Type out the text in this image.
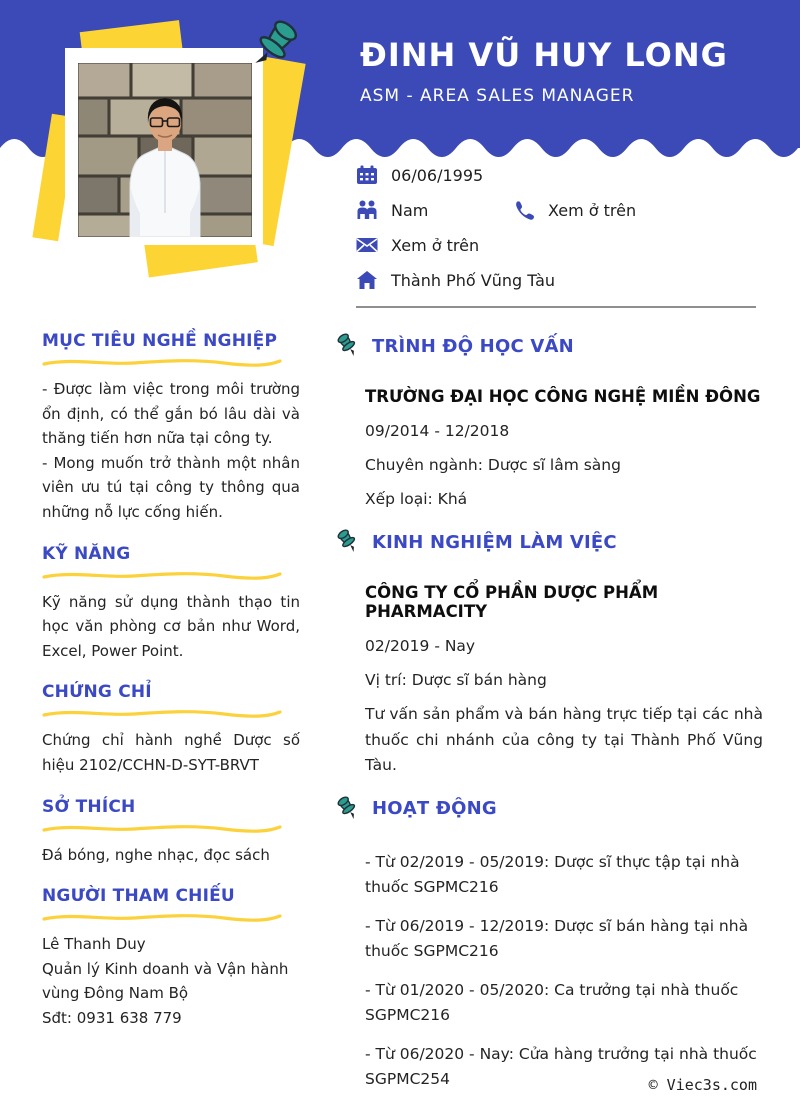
ĐINH VŨ HUY LONG
ASM - AREA SALES MANAGER
06/06/1995
Nam	Xem ở trên
Xem ở trên
Thành Phố Vũng Tàu
MỤC TIÊU NGHỀ NGHIỆP
- Được làm việc trong môi trường ổn định, có thể gắn bó lâu dài và thăng tiến hơn nữa tại công ty.
- Mong muốn trở thành một nhân viên ưu tú tại công ty thông qua những nỗ lực cống hiến.
KỸ NĂNG
Kỹ năng sử dụng thành thạo tin học văn phòng cơ bản như Word, Excel, Power Point.
CHỨNG CHỈ
Chứng chỉ hành nghề Dược số hiệu 2102/CCHN-D-SYT-BRVT
SỞ THÍCH
Đá bóng, nghe nhạc, đọc sách
NGƯỜI THAM CHIẾU
Lê Thanh Duy
Quản lý Kinh doanh và Vận hành vùng Đông Nam Bộ
Sđt: 0931 638 779
TRÌNH ĐỘ HỌC VẤN
TRƯỜNG ĐẠI HỌC CÔNG NGHỆ MIỀN ĐÔNG

09/2014 - 12/2018

Chuyên ngành: Dược sĩ lâm sàng

Xếp loại: Khá

KINH NGHIỆM LÀM VIỆC
CÔNG TY CỔ PHẦN DƯỢC PHẨM PHARMACITY

02/2019 - Nay

Vị trí: Dược sĩ bán hàng

Tư vấn sản phẩm và bán hàng trực tiếp tại các nhà thuốc chi nhánh của công ty tại Thành Phố Vũng Tàu.

HOẠT ĐỘNG

- Từ 02/2019 - 05/2019: Dược sĩ thực tập tại nhà thuốc SGPMC216

- Từ 06/2019 - 12/2019: Dược sĩ bán hàng tại nhà thuốc SGPMC216

- Từ 01/2020 - 05/2020: Ca trưởng tại nhà thuốc SGPMC216

- Từ 06/2020 - Nay: Cửa hàng trưởng tại nhà thuốc SGPMC254	© Viec3s.com
